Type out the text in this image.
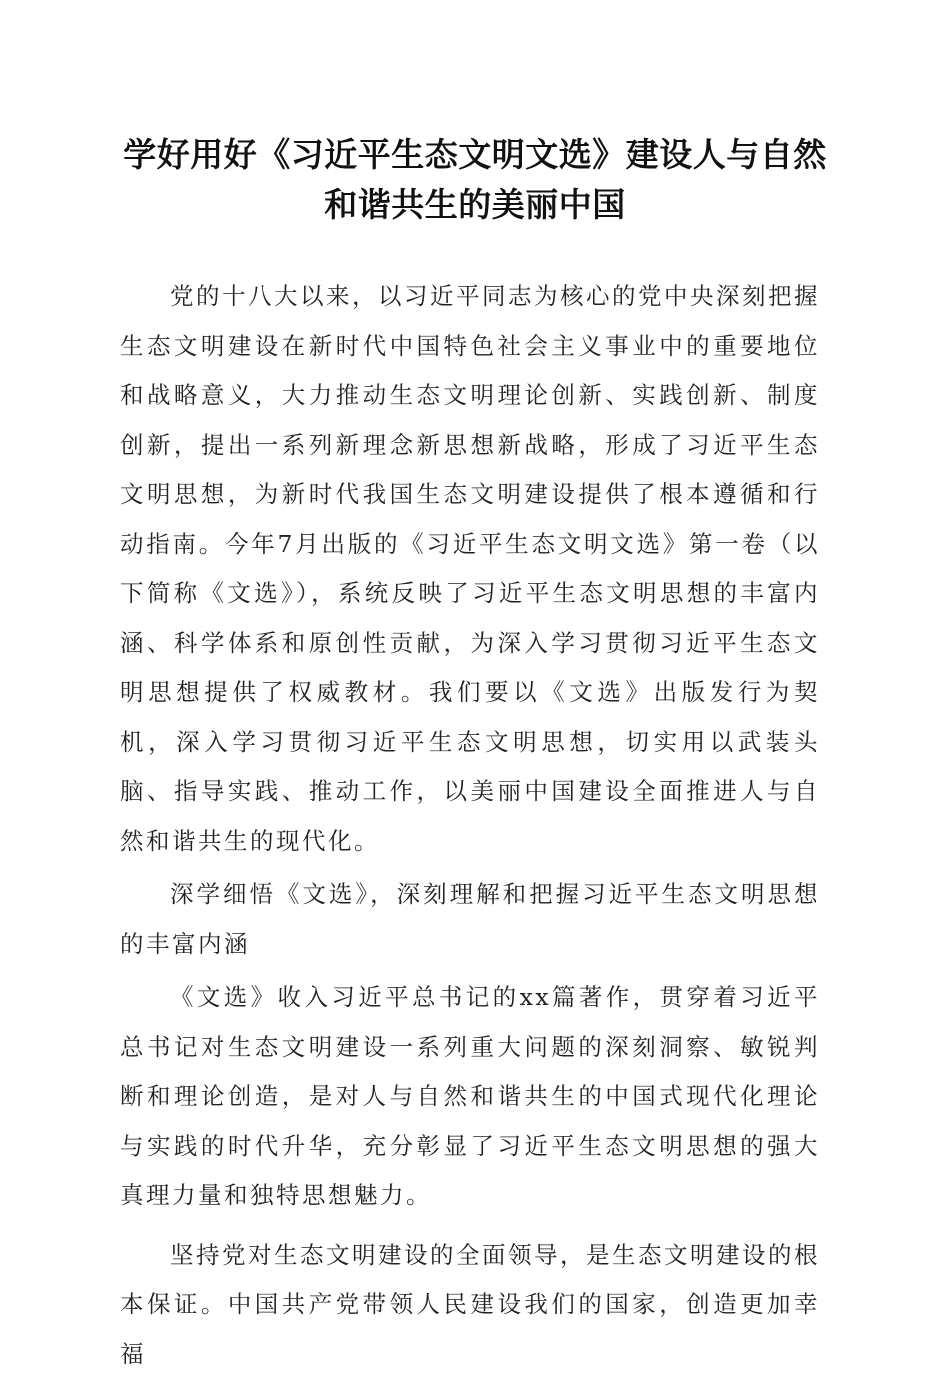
学好用好《习近平生态文明文选》建设人与自然和谐共生的美丽中国

党的十八大以来，以习近平同志为核心的党中央深刻把握生态文明建设在新时代中国特色社会主义事业中的重要地位和战略意义，大力推动生态文明理论创新、实践创新、制度创新，提出一系列新理念新思想新战略，形成了习近平生态文明思想，为新时代我国生态文明建设提供了根本遵循和行动指南。今年7月出版的《习近平生态文明文选》第一卷（以下简称《文选》），系统反映了习近平生态文明思想的丰富内涵、科学体系和原创性贡献，为深入学习贯彻习近平生态文明思想提供了权威教材。我们要以《文选》出版发行为契机，深入学习贯彻习近平生态文明思想，切实用以武装头脑、指导实践、推动工作，以美丽中国建设全面推进人与自然和谐共生的现代化。

深学细悟《文选》，深刻理解和把握习近平生态文明思想的丰富内涵

《文选》收入习近平总书记的xx篇著作，贯穿着习近平总书记对生态文明建设一系列重大问题的深刻洞察、敏锐判断和理论创造，是对人与自然和谐共生的中国式现代化理论与实践的时代升华，充分彰显了习近平生态文明思想的强大真理力量和独特思想魅力。

坚持党对生态文明建设的全面领导，是生态文明建设的根本保证。中国共产党带领人民建设我们的国家，创造更加幸福
